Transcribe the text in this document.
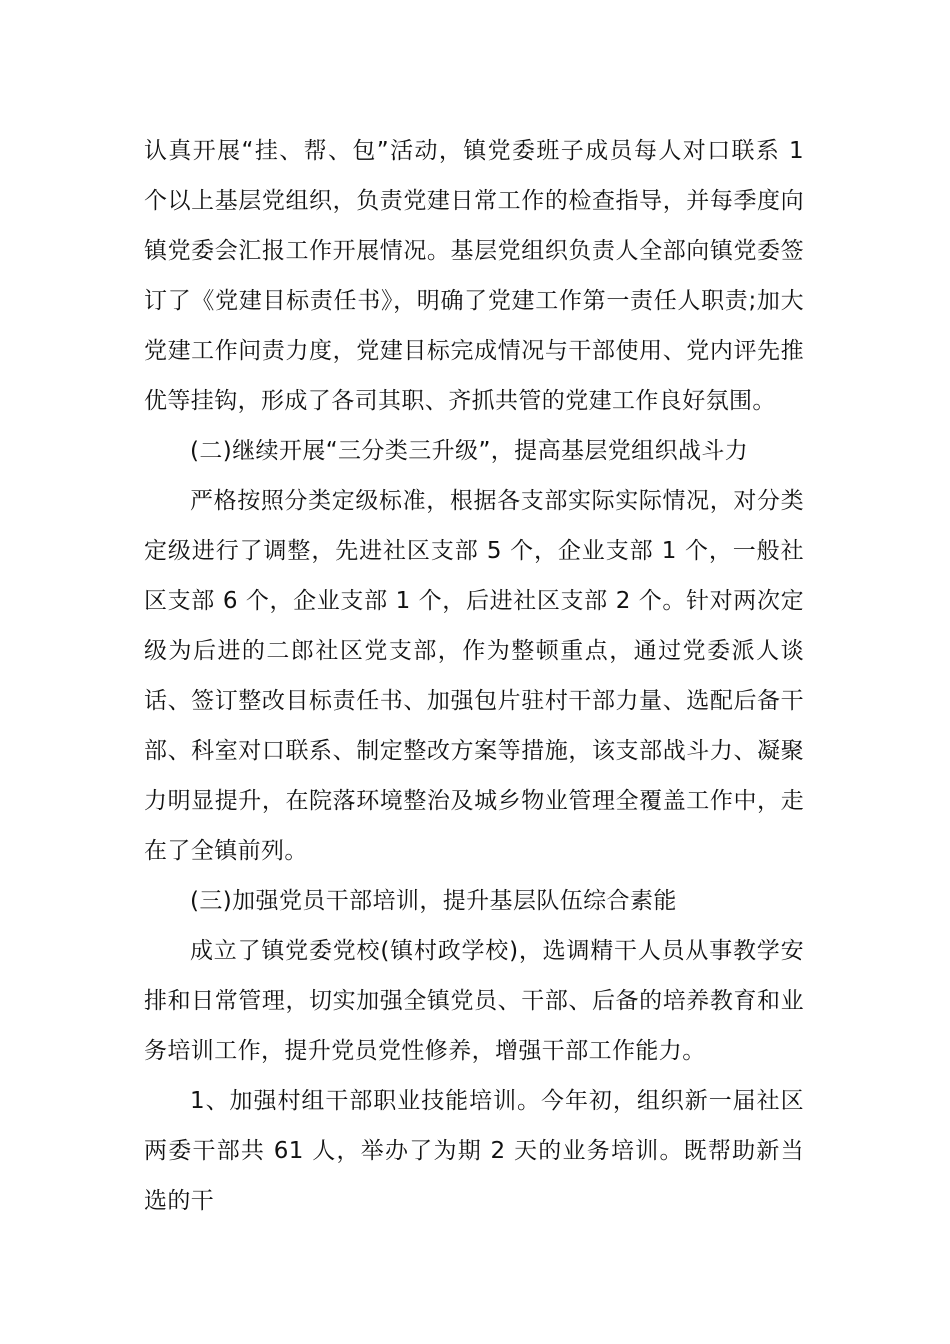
认真开展“挂、帮、包”活动，镇党委班子成员每人对口联系 1 个以上基层党组织，负责党建日常工作的检查指导，并每季度向镇党委会汇报工作开展情况。基层党组织负责人全部向镇党委签订了《党建目标责任书》，明确了党建工作第一责任人职责;加大党建工作问责力度，党建目标完成情况与干部使用、党内评先推优等挂钩，形成了各司其职、齐抓共管的党建工作良好氛围。

(二)继续开展“三分类三升级”，提高基层党组织战斗力

严格按照分类定级标准，根据各支部实际实际情况，对分类定级进行了调整，先进社区支部 5 个，企业支部 1 个，一般社区支部 6 个，企业支部 1 个，后进社区支部 2 个。针对两次定级为后进的二郎社区党支部，作为整顿重点，通过党委派人谈话、签订整改目标责任书、加强包片驻村干部力量、选配后备干部、科室对口联系、制定整改方案等措施，该支部战斗力、凝聚力明显提升，在院落环境整治及城乡物业管理全覆盖工作中，走在了全镇前列。

(三)加强党员干部培训，提升基层队伍综合素能

成立了镇党委党校(镇村政学校)，选调精干人员从事教学安排和日常管理，切实加强全镇党员、干部、后备的培养教育和业务培训工作，提升党员党性修养，增强干部工作能力。

1、加强村组干部职业技能培训。今年初，组织新一届社区两委干部共 61 人，举办了为期 2 天的业务培训。既帮助新当选的干
